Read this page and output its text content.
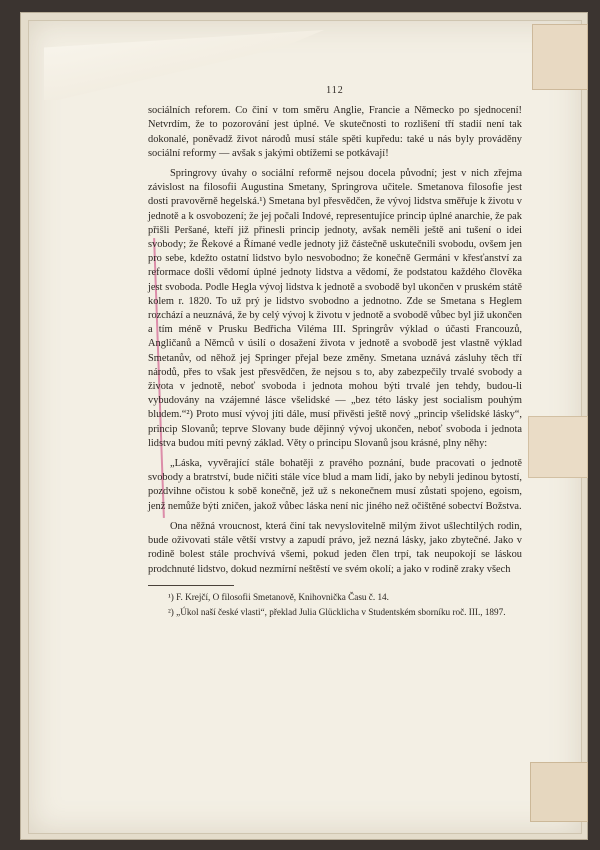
112

sociálních reforem. Co činí v tom směru Anglie, Francie a Německo po sjednocení! Netvrdím, že to pozorování jest úplné. Ve skutečnosti to rozlišení tří stadií není tak dokonalé, poněvadž život národů musí stále spěti kupředu: také u nás byly prováděny sociální reformy — avšak s jakými obtížemi se potkávají!

Springrovy úvahy o sociální reformě nejsou docela původní; jest v nich zřejma závislost na filosofii Augustina Smetany, Springrova učitele. Smetanova filosofie jest dosti pravověrně hegelská.¹) Smetana byl přesvědčen, že vývoj lidstva směřuje k životu v jednotě a k osvobození; že jej počali Indové, representujíce princip úplné anarchie, že pak přišli Peršané, kteří již přinesli princip jednoty, avšak neměli ještě ani tušení o idei svobody; že Řekové a Římané vedle jednoty již částečně uskutečnili svobodu, ovšem jen pro sebe, kdežto ostatní lidstvo bylo nesvobodno; že konečně Germáni v křesťanství za reformace došli vědomí úplné jednoty lidstva a vědomí, že podstatou každého člověka jest svoboda. Podle Hegla vývoj lidstva k jednotě a svobodě byl ukončen v pruském státě kolem r. 1820. To už prý je lidstvo svobodno a jednotno. Zde se Smetana s Heglem rozchází a neuznává, že by celý vývoj k životu v jednotě a svobodě vůbec byl již ukončen a tím méně v Prusku Bedřicha Viléma III. Springrův výklad o účasti Francouzů, Angličanů a Němců v úsilí o dosažení života v jednotě a svobodě jest vlastně výklad Smetanův, od něhož jej Springer přejal beze změny. Smetana uznává zásluhy těch tří národů, přes to však jest přesvědčen, že nejsou s to, aby zabezpečily trvalé svobody a života v jednotě, neboť svoboda i jednota mohou býti trvalé jen tehdy, budou-li vybudovány na vzájemné lásce všelidské — „bez této lásky jest socialism pouhým bludem.“²) Proto musí vývoj jíti dále, musí přivěsti ještě nový „princip všelidské lásky“, princip Slovanů; teprve Slovany bude dějinný vývoj ukončen, neboť svoboda i jednota lidstva budou míti pevný základ. Věty o principu Slovanů jsou krásné, plny něhy:

„Láska, vyvěrající stále bohatěji z pravého poznání, bude pracovati o jednotě svobody a bratrství, bude ničiti stále více blud a mam lidí, jako by nebyli jedinou bytostí, pozdvihne očistou k sobě konečně, jež už s nekonečnem musí zůstati spojeno, egoism, jenž nemůže býti zničen, jakož vůbec láska není nic jiného než očištěné sobectví Božstva.

Ona něžná vroucnost, která činí tak nevyslovitelně milým život ušlechtilých rodin, bude oživovati stále větší vrstvy a zapudí právo, jež nezná lásky, jako zbytečné. Jako v rodině bolest stále prochvívá všemi, pokud jeden člen trpí, tak neupokojí se láskou prodchnuté lidstvo, dokud nezmírní neštěstí ve svém okolí; a jako v rodině zraky všech

¹) F. Krejčí, O filosofii Smetanově, Knihovnička Času č. 14.

²) „Úkol naší české vlasti“, překlad Julia Glücklicha v Studentském sborníku roč. III., 1897.
